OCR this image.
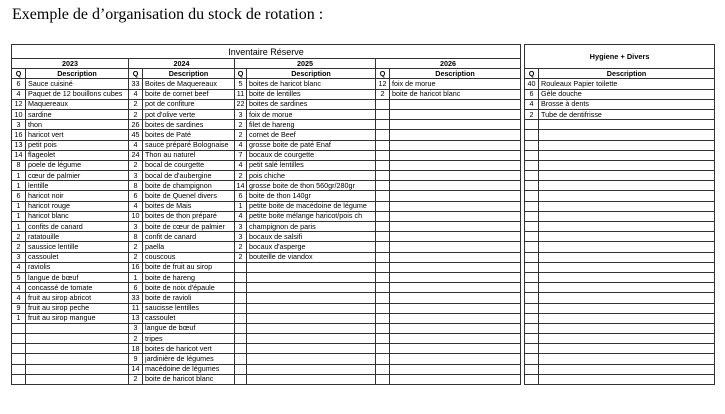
Exemple de d’organisation du stock de rotation :
Inventaire Réserve									Hygiene + Divers	
2023		2024		2025		2026				
Q	Description	Q	Description	Q	Description	Q	Description		Q	Description
6	Sauce cuisiné	33	Boites de Maquereaux	5	boites de haricot blanc	12	foix de morue		40	Rouleaux Papier toilette
4	Paquet de 12 bouillons cubes	4	boite de cornet beef	11	boite de lentilles	2	boite de haricot blanc		6	Gèle douche
12	Maquereaux	2	pot de confiture	22	boites de sardines				4	Brosse à dents
10	sardine	2	pot d'olive verte	3	foix de morue				2	Tube de dentifrisse
3	thon	26	boites de sardines	2	filet de hareng					
16	haricot vert	45	boites de Paté	2	cornet de Beef					
13	petit pois	4	sauce préparé Bolognaise	4	grosse boite de paté Enaf					
14	flageolet	24	Thon au naturel	7	bocaux de courgette					
8	poele de légume	2	bocal de courgette	4	petit salé lentilles					
1	cœur de palmier	3	bocal de d'aubergine	2	pois chiche					
1	lentille	8	boite de champignon	14	grosse boite de thon 560gr/280gr					
6	haricot noir	6	boite de Quenel divers	6	boite de thon 140gr					
1	haricot rouge	4	boites de Mais	1	petite boite de macédoine de légume					
1	haricot blanc	10	boites de thon préparé	4	petite boite mélange haricot/pois ch					
1	confits de canard	3	boite de cœur de palmier	3	champignon de paris					
2	ratatouille	8	confit de canard	3	bocaux de salsifi					
2	saussice lentille	2	paella	2	bocaux d'asperge					
3	cassoulet	2	couscous	2	bouteille de viandox					
4	raviolis	16	boite de fruit au sirop							
5	langue de bœuf	1	boite de hareng							
4	concassé de tomate	6	boite de noix d'épaule							
4	fruit au sirop abricot	33	boite de ravioli							
9	fruit au sirop peche	11	saucisse lentilles							
1	fruit au sirop mangue	13	cassoulet							
		3	langue de bœuf							
		2	tripes							
		18	boites de haricot vert							
		9	jardinière de légumes							
		14	macédoine de légumes							
		2	boite de haricot blanc							
